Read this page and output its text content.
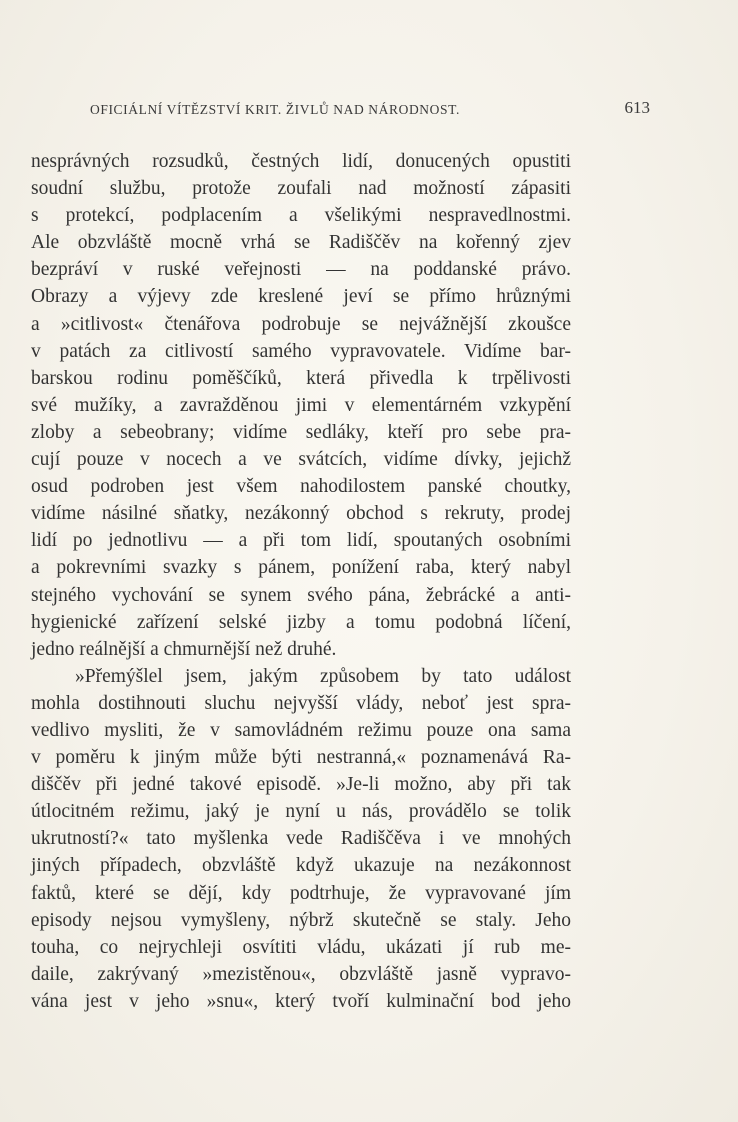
OFICIÁLNÍ VÍTĚZSTVÍ KRIT. ŽIVLŮ NAD NÁRODNOST.	613
nesprávných rozsudků, čestných lidí, donucených opustiti
soudní službu, protože zoufali nad možností zápasiti
s protekcí, podplacením a všelikými nespravedlnostmi.
Ale obzvláště mocně vrhá se Radiščěv na kořenný zjev
bezpráví v ruské veřejnosti — na poddanské právo.
Obrazy a výjevy zde kreslené jeví se přímo hrůznými
a »citlivost« čtenářova podrobuje se nejvážnější zkoušce
v patách za citlivostí samého vypravovatele. Vidíme bar-
barskou rodinu poměščíků, která přivedla k trpělivosti
své mužíky, a zavražděnou jimi v elementárném vzkypění
zloby a sebeobrany; vidíme sedláky, kteří pro sebe pra-
cují pouze v nocech a ve svátcích, vidíme dívky, jejichž
osud podroben jest všem nahodilostem panské choutky,
vidíme násilné sňatky, nezákonný obchod s rekruty, prodej
lidí po jednotlivu — a při tom lidí, spoutaných osobními
a pokrevními svazky s pánem, ponížení raba, který nabyl
stejného vychování se synem svého pána, žebrácké a anti-
hygienické zařízení selské jizby a tomu podobná líčení,
jedno reálnější a chmurnější než druhé.
»Přemýšlel jsem, jakým způsobem by tato událost
mohla dostihnouti sluchu nejvyšší vlády, neboť jest spra-
vedlivo mysliti, že v samovládném režimu pouze ona sama
v poměru k jiným může býti nestranná,« poznamenává Ra-
diščěv při jedné takové episodě. »Je-li možno, aby při tak
útlocitném režimu, jaký je nyní u nás, provádělo se tolik
ukrutností?« tato myšlenka vede Radiščěva i ve mnohých
jiných případech, obzvláště když ukazuje na nezákonnost
faktů, které se dějí, kdy podtrhuje, že vypravované jím
episody nejsou vymyšleny, nýbrž skutečně se staly. Jeho
touha, co nejrychleji osvítiti vládu, ukázati jí rub me-
daile, zakrývaný »mezistěnou«, obzvláště jasně vypravo-
vána jest v jeho »snu«, který tvoří kulminační bod jeho
